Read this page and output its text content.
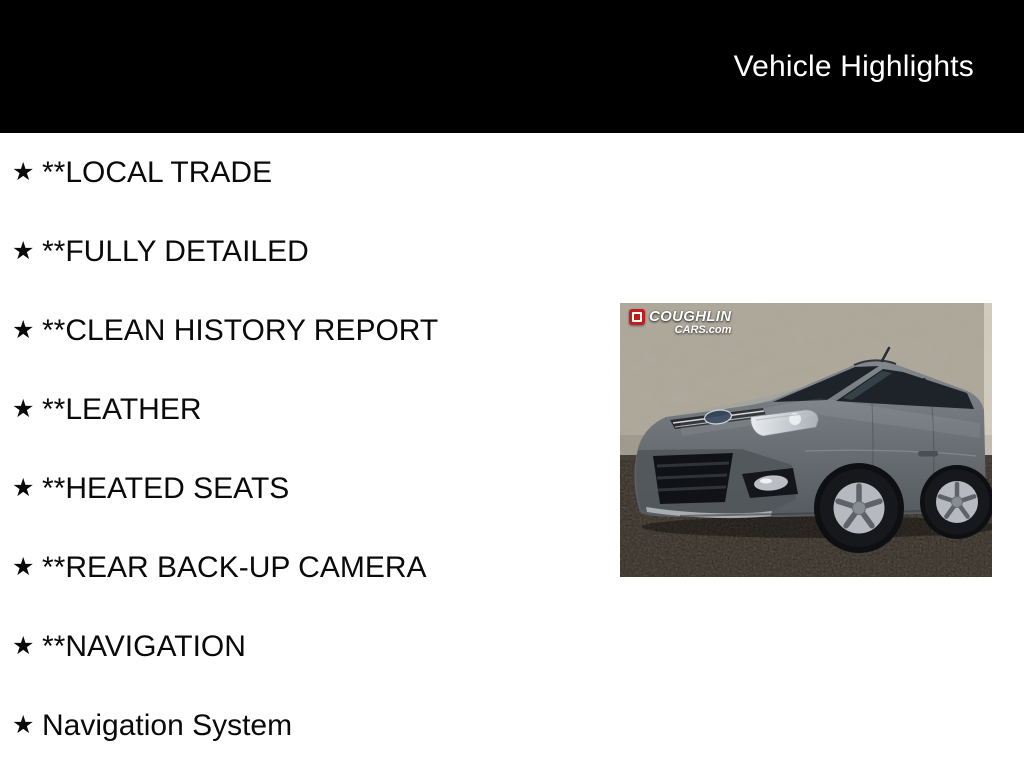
Vehicle Highlights
★ **LOCAL TRADE
★ **FULLY DETAILED
★ **CLEAN HISTORY REPORT
★ **LEATHER
★ **HEATED SEATS
★ **REAR BACK-UP CAMERA
★ **NAVIGATION
★ Navigation System
COUGHLIN
CARS.com
